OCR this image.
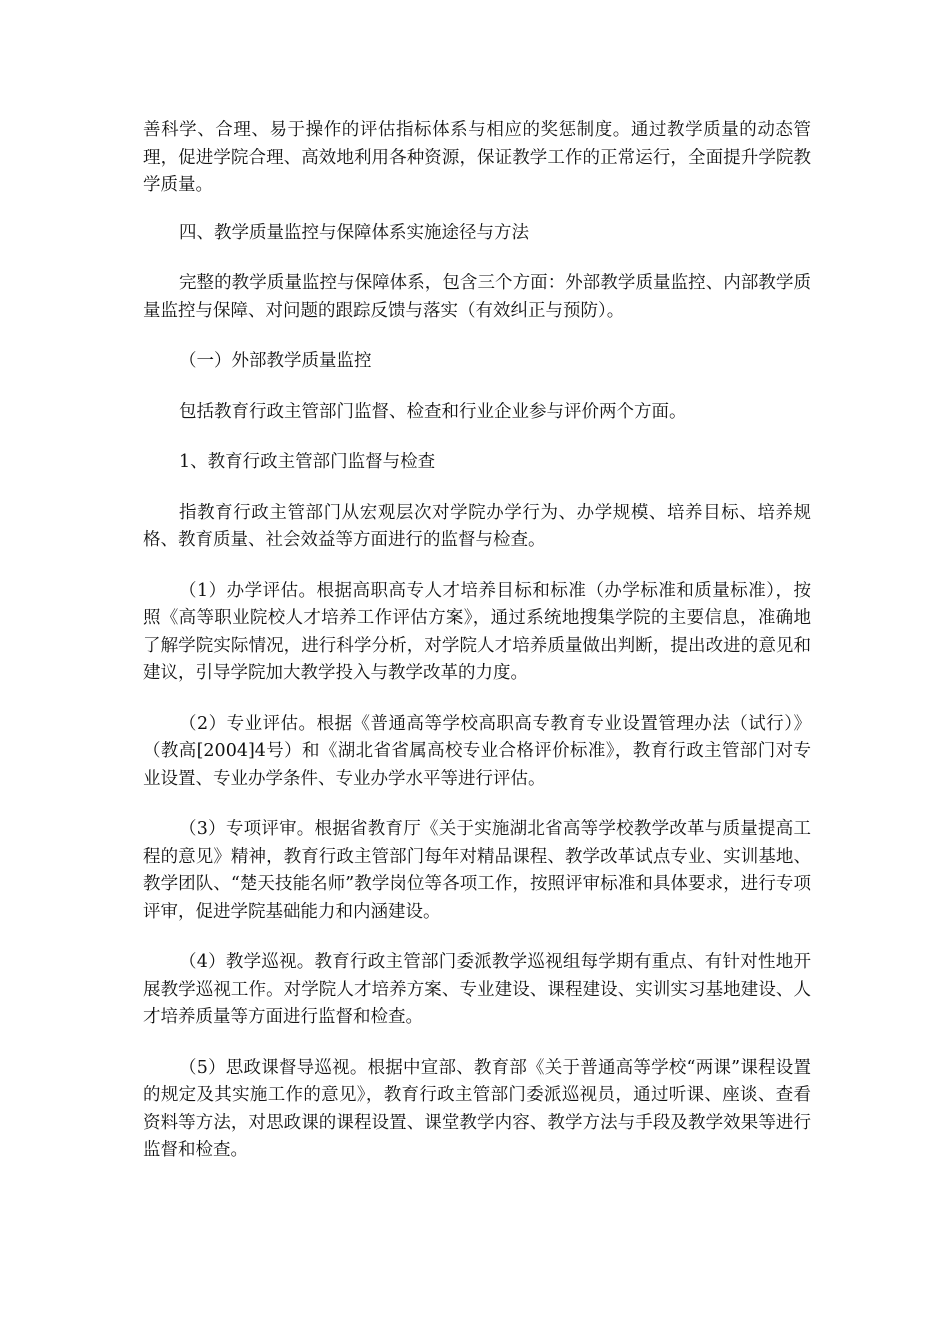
善科学、合理、易于操作的评估指标体系与相应的奖惩制度。通过教学质量的动态管理，促进学院合理、高效地利用各种资源，保证教学工作的正常运行，全面提升学院教学质量。

四、教学质量监控与保障体系实施途径与方法

完整的教学质量监控与保障体系，包含三个方面：外部教学质量监控、内部教学质量监控与保障、对问题的跟踪反馈与落实（有效纠正与预防）。

（一）外部教学质量监控

包括教育行政主管部门监督、检查和行业企业参与评价两个方面。

1、教育行政主管部门监督与检查

指教育行政主管部门从宏观层次对学院办学行为、办学规模、培养目标、培养规格、教育质量、社会效益等方面进行的监督与检查。

（1）办学评估。根据高职高专人才培养目标和标准（办学标准和质量标准），按照《高等职业院校人才培养工作评估方案》，通过系统地搜集学院的主要信息，准确地了解学院实际情况，进行科学分析，对学院人才培养质量做出判断，提出改进的意见和建议，引导学院加大教学投入与教学改革的力度。

（2）专业评估。根据《普通高等学校高职高专教育专业设置管理办法（试行）》（教高[2004]4号）和《湖北省省属高校专业合格评价标准》，教育行政主管部门对专业设置、专业办学条件、专业办学水平等进行评估。

（3）专项评审。根据省教育厅《关于实施湖北省高等学校教学改革与质量提高工程的意见》精神，教育行政主管部门每年对精品课程、教学改革试点专业、实训基地、教学团队、“楚天技能名师”教学岗位等各项工作，按照评审标准和具体要求，进行专项评审，促进学院基础能力和内涵建设。

（4）教学巡视。教育行政主管部门委派教学巡视组每学期有重点、有针对性地开展教学巡视工作。对学院人才培养方案、专业建设、课程建设、实训实习基地建设、人才培养质量等方面进行监督和检查。

（5）思政课督导巡视。根据中宣部、教育部《关于普通高等学校“两课”课程设置的规定及其实施工作的意见》，教育行政主管部门委派巡视员，通过听课、座谈、查看资料等方法，对思政课的课程设置、课堂教学内容、教学方法与手段及教学效果等进行监督和检查。
